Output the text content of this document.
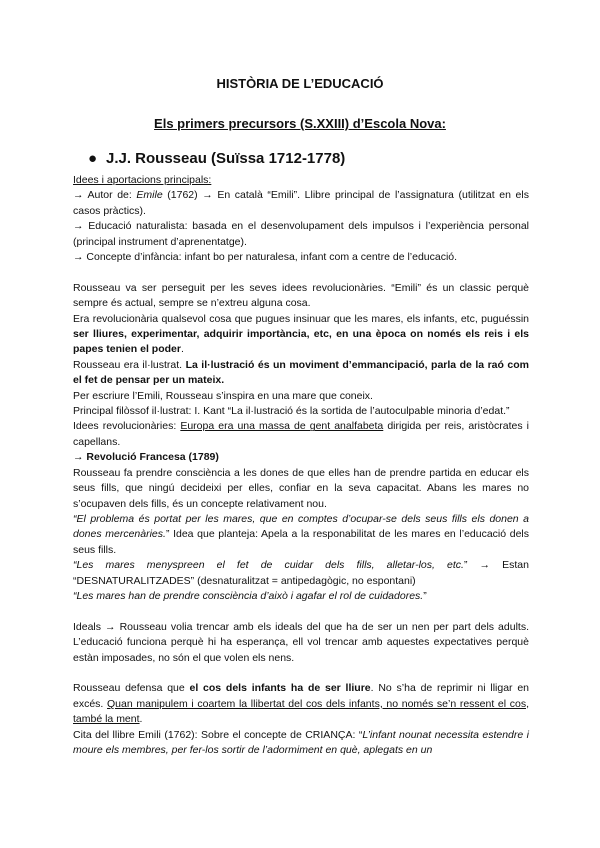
HISTÒRIA DE L’EDUCACIÓ
Els primers precursors (S.XXIII) d’Escola Nova:
● J.J. Rousseau (Suïssa 1712-1778)

Idees i aportacions principals:

→ Autor de: Emile (1762) → En català “Emili”. Llibre principal de l’assignatura (utilitzat en els casos pràctics).

→ Educació naturalista: basada en el desenvolupament dels impulsos i l’experiència personal (principal instrument d’aprenentatge).

→ Concepte d’infància: infant bo per naturalesa, infant com a centre de l’educació.

Rousseau va ser perseguit per les seves idees revolucionàries. “Emili” és un classic perquè sempre és actual, sempre se n’extreu alguna cosa.

Era revolucionària qualsevol cosa que pugues insinuar que les mares, els infants, etc, puguéssin ser lliures, experimentar, adquirir importància, etc, en una època on només els reis i els papes tenien el poder.

Rousseau era il·lustrat. La il·lustració és un moviment d’emmancipació, parla de la raó com el fet de pensar per un mateix.

Per escriure l’Emili, Rousseau s’inspira en una mare que coneix.

Principal filòssof il·lustrat: I. Kant “La il·lustració és la sortida de l’autoculpable minoria d’edat.”

Idees revolucionàries: Europa era una massa de gent analfabeta dirigida per reis, aristòcrates i capellans.

→ Revolució Francesa (1789)

Rousseau fa prendre consciència a les dones de que elles han de prendre partida en educar els seus fills, que ningú decideixi per elles, confiar en la seva capacitat. Abans les mares no s’ocupaven dels fills, és un concepte relativament nou.

“El problema és portat per les mares, que en comptes d’ocupar-se dels seus fills els donen a dones mercenàries.” Idea que planteja: Apela a la responabilitat de les mares en l’educació dels seus fills.

“Les mares menyspreen el fet de cuidar dels fills, alletar-los, etc.” → Estan “DESNATURALITZADES” (desnaturalitzat = antipedagògic, no espontani)

“Les mares han de prendre consciència d’això i agafar el rol de cuidadores.”

Ideals → Rousseau volia trencar amb els ideals del que ha de ser un nen per part dels adults. L’educació funciona perquè hi ha esperança, ell vol trencar amb aquestes expectatives perquè estàn imposades, no són el que volen els nens.

Rousseau defensa que el cos dels infants ha de ser lliure. No s’ha de reprimir ni lligar en excés. Quan manipulem i coartem la llibertat del cos dels infants, no només se’n ressent el cos, també la ment.

Cita del llibre Emili (1762): Sobre el concepte de CRIANÇA: “L’infant nounat necessita estendre i moure els membres, per fer-los sortir de l’adormiment en què, aplegats en un
